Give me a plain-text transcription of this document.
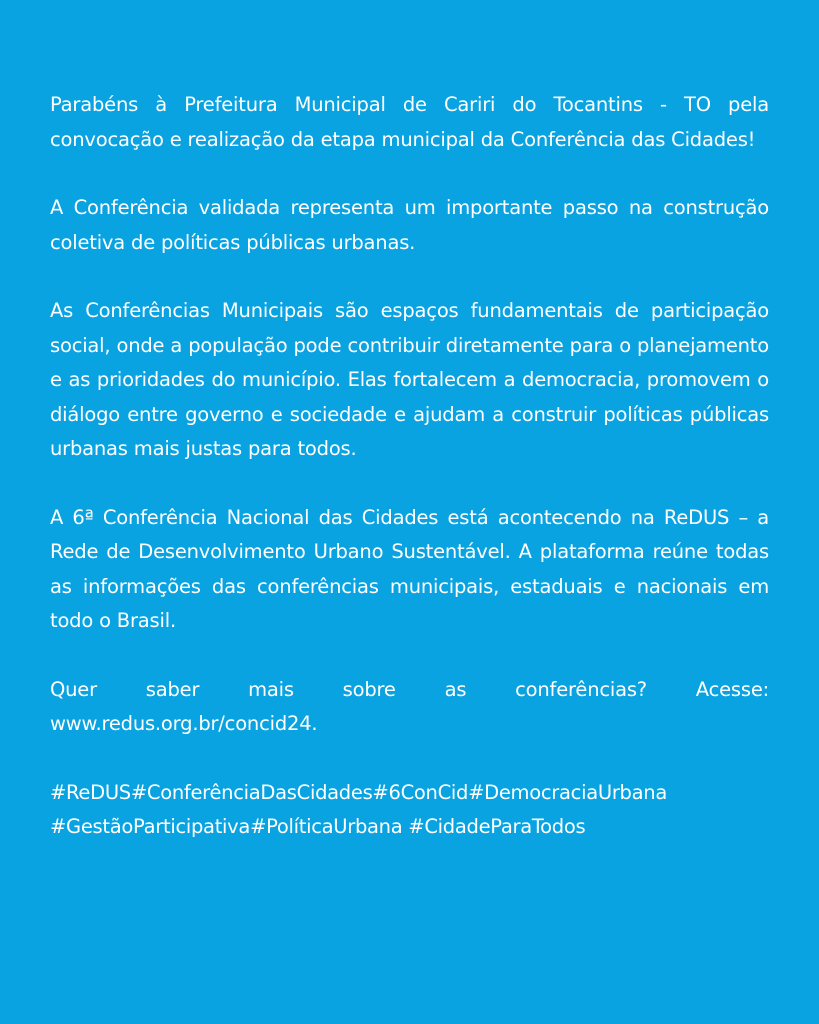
Parabéns à Prefeitura Municipal de Cariri do Tocantins - TO pela convocação e realização da etapa municipal da Conferência das Cidades!

A Conferência validada representa um importante passo na construção coletiva de políticas públicas urbanas.

As Conferências Municipais são espaços fundamentais de participação social, onde a população pode contribuir diretamente para o planejamento e as prioridades do município. Elas fortalecem a democracia, promovem o diálogo entre governo e sociedade e ajudam a construir políticas públicas urbanas mais justas para todos.

A 6ª Conferência Nacional das Cidades está acontecendo na ReDUS – a Rede de Desenvolvimento Urbano Sustentável. A plataforma reúne todas as informações das conferências municipais, estaduais e nacionais em todo o Brasil.

Quer saber mais sobre as conferências? Acesse: www.redus.org.br/concid24.

#ReDUS#ConferênciaDasCidades#6ConCid#DemocraciaUrbana
#GestãoParticipativa#PolíticaUrbana #CidadeParaTodos
